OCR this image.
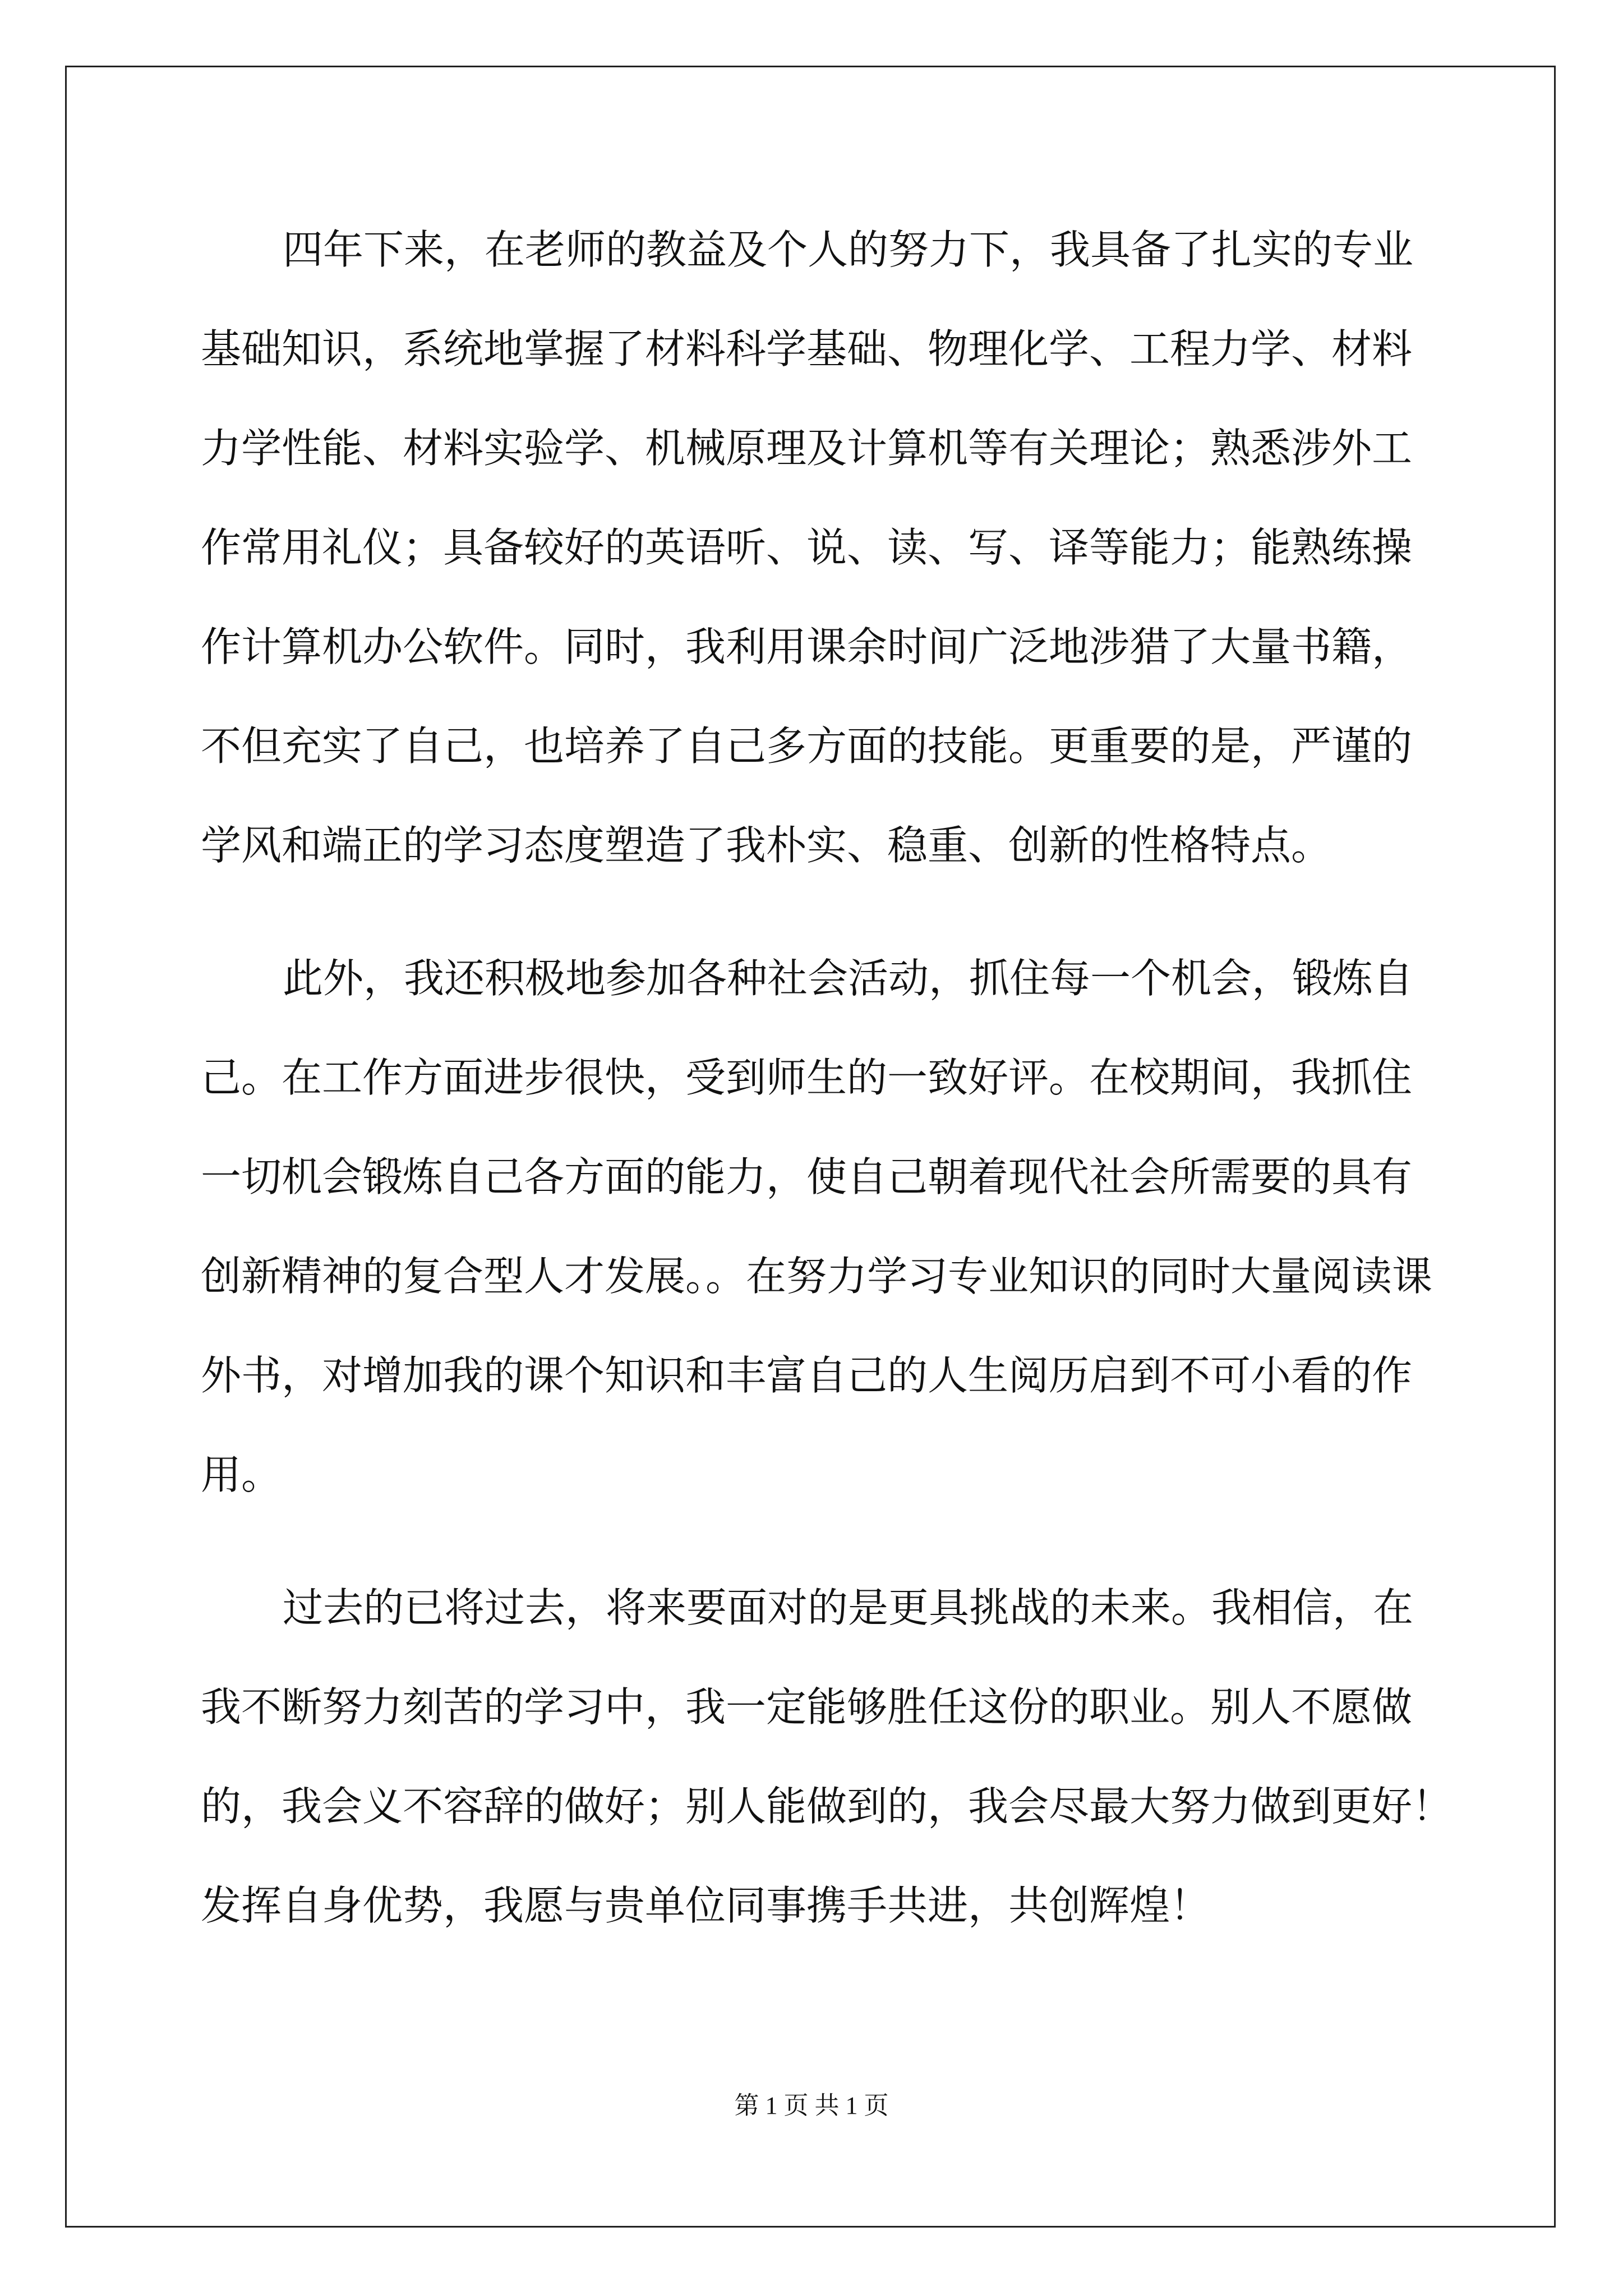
四年下来，在老师的教益及个人的努力下，我具备了扎实的专业
基础知识，系统地掌握了材料科学基础、物理化学、工程力学、材料
力学性能、材料实验学、机械原理及计算机等有关理论；熟悉涉外工
作常用礼仪；具备较好的英语听、说、读、写、译等能力；能熟练操
作计算机办公软件。同时，我利用课余时间广泛地涉猎了大量书籍，
不但充实了自己，也培养了自己多方面的技能。更重要的是，严谨的
学风和端正的学习态度塑造了我朴实、稳重、创新的性格特点。
此外，我还积极地参加各种社会活动，抓住每一个机会，锻炼自
己。在工作方面进步很快，受到师生的一致好评。在校期间，我抓住
一切机会锻炼自己各方面的能力，使自己朝着现代社会所需要的具有
创新精神的复合型人才发展。。在努力学习专业知识的同时大量阅读课
外书，对增加我的课个知识和丰富自己的人生阅历启到不可小看的作
用。
过去的已将过去，将来要面对的是更具挑战的未来。我相信，在
我不断努力刻苦的学习中，我一定能够胜任这份的职业。别人不愿做
的，我会义不容辞的做好；别人能做到的，我会尽最大努力做到更好！
发挥自身优势，我愿与贵单位同事携手共进，共创辉煌！
第 1 页 共 1 页
